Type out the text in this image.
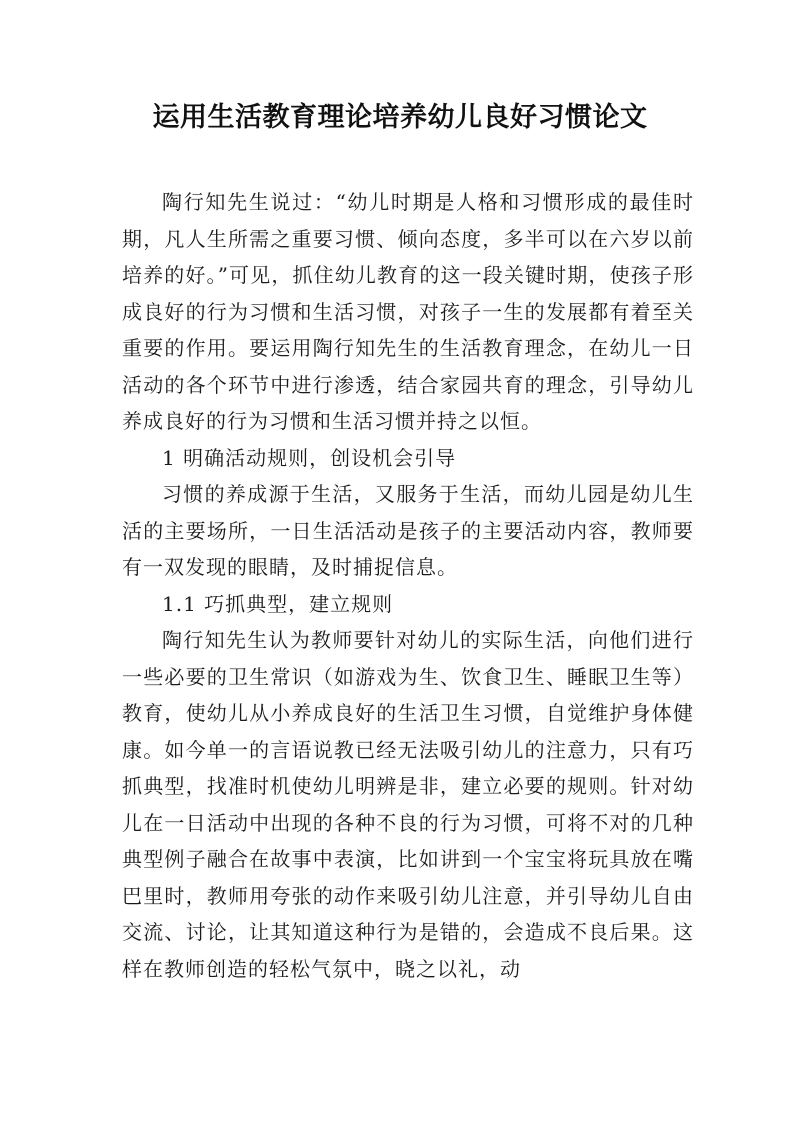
运用生活教育理论培养幼儿良好习惯论文

陶行知先生说过：“幼儿时期是人格和习惯形成的最佳时期，凡人生所需之重要习惯、倾向态度，多半可以在六岁以前培养的好。”可见，抓住幼儿教育的这一段关键时期，使孩子形成良好的行为习惯和生活习惯，对孩子一生的发展都有着至关重要的作用。要运用陶行知先生的生活教育理念，在幼儿一日活动的各个环节中进行渗透，结合家园共育的理念，引导幼儿养成良好的行为习惯和生活习惯并持之以恒。

1 明确活动规则，创设机会引导

习惯的养成源于生活，又服务于生活，而幼儿园是幼儿生活的主要场所，一日生活活动是孩子的主要活动内容，教师要有一双发现的眼睛，及时捕捉信息。

1.1 巧抓典型，建立规则

陶行知先生认为教师要针对幼儿的实际生活，向他们进行一些必要的卫生常识（如游戏为生、饮食卫生、睡眠卫生等）教育，使幼儿从小养成良好的生活卫生习惯，自觉维护身体健康。如今单一的言语说教已经无法吸引幼儿的注意力，只有巧抓典型，找准时机使幼儿明辨是非，建立必要的规则。针对幼儿在一日活动中出现的各种不良的行为习惯，可将不对的几种典型例子融合在故事中表演，比如讲到一个宝宝将玩具放在嘴巴里时，教师用夸张的动作来吸引幼儿注意，并引导幼儿自由交流、讨论，让其知道这种行为是错的，会造成不良后果。这样在教师创造的轻松气氛中，晓之以礼，动
